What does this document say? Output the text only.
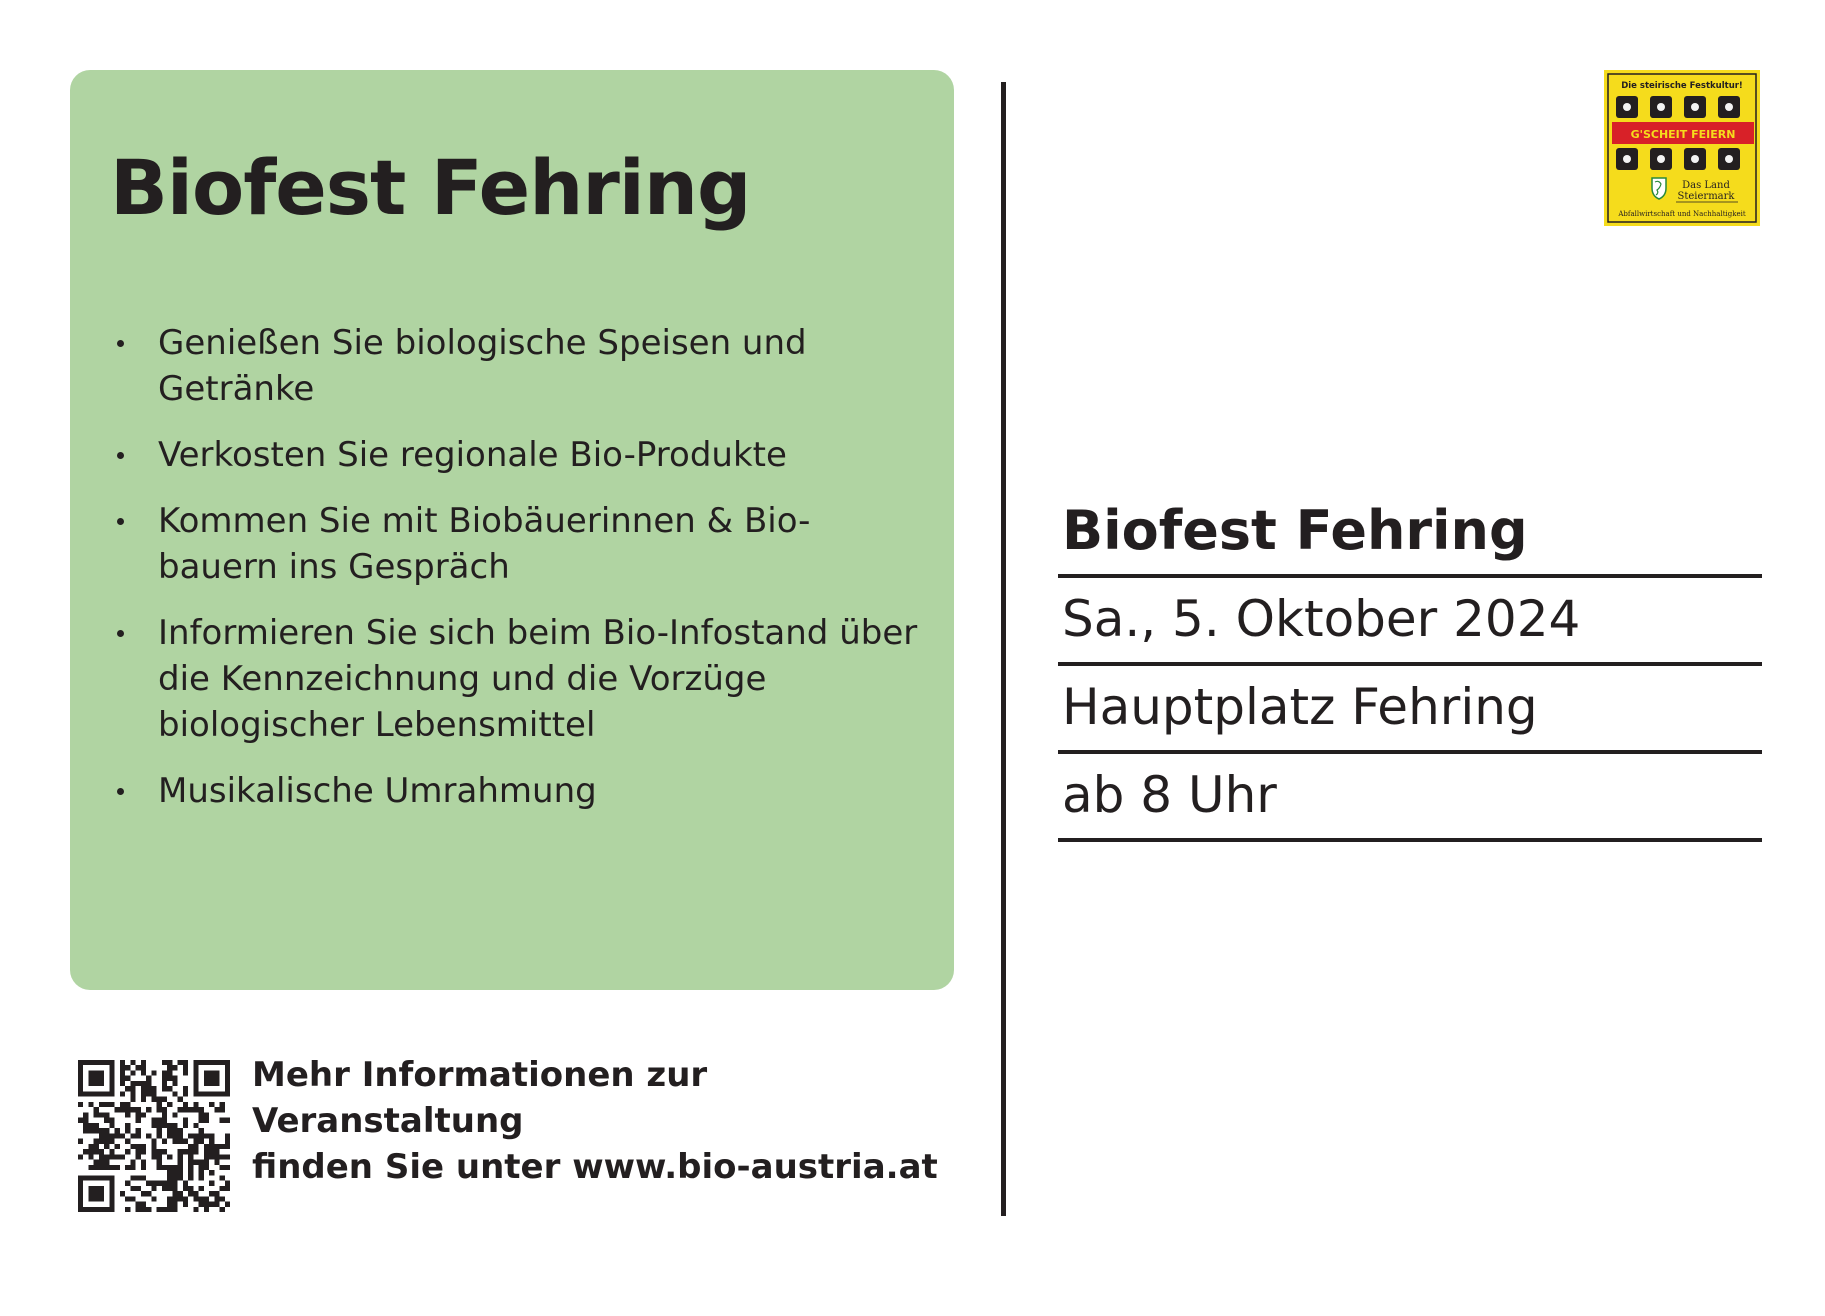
Biofest Fehring
Genießen Sie biologische Speisen und Getränke
Verkosten Sie regionale Bio-Produkte
Kommen Sie mit Biobäuerinnen & Bio-bauern ins Gespräch
Informieren Sie sich beim Bio-Infostand über die Kennzeichnung und die Vorzüge biologischer Lebensmittel
Musikalische Umrahmung

Mehr Informationen zur Veranstaltung
finden Sie unter www.bio-austria.at

Die steirische Festkultur!
G'SCHEIT FEIERN
Das Land
Steiermark
Abfallwirtschaft und Nachhaltigkeit
Biofest Fehring
Sa., 5. Oktober 2024
Hauptplatz Fehring
ab 8 Uhr
